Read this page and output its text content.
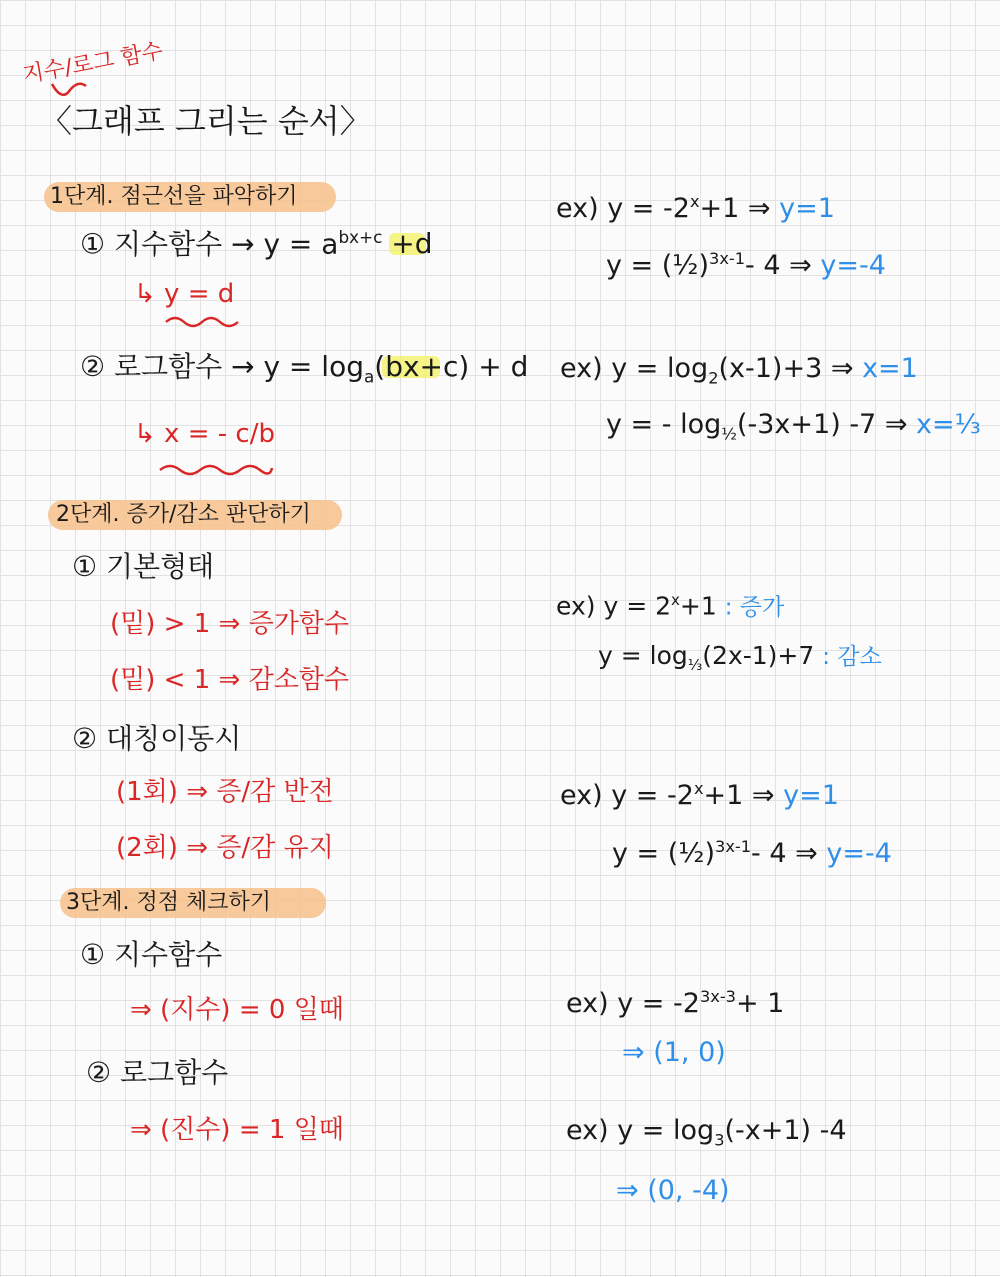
지수/로그 함수
〈그래프 그리는 순서〉
1단계. 점근선을 파악하기
① 지수함수 → $y = a^{bx+c} +d$
↳ y = d
② 로그함수 → $y = \log_a$
(bx+c) + d
↳ x = - c/b
ex) $y = -2^x+1$ ⇒ y=1
y = (½)$^{3x-1}$- 4 ⇒ y=-4
ex) $y = \log_2(x-1)+3$ ⇒ x=1
y = - $\log_{\frac{1}{2}}(-3x+1)$ -7 ⇒ x=⅓
2단계. 증가/감소 판단하기
① 기본형태
(밑) > 1 ⇒ 증가함수
(밑) < 1 ⇒ 감소함수
② 대칭이동시
(1회) ⇒ 증/감 반전
(2회) ⇒ 증/감 유지
ex) $y = 2^x+1$ : 증가
$y = \log_{\frac{1}{3}}(2x-1)+7$ : 감소
ex) $y = -2^x+1$ ⇒ y=1
y = (½)$^{3x-1}$- 4 ⇒ y=-4
3단계. 정점 체크하기
① 지수함수
⇒ (지수) = 0 일때
② 로그함수
⇒ (진수) = 1 일때
ex) $y = -2^{3x-3}+ 1$
⇒ (1, 0)
ex) $y = \log_3(-x+1)$ -4
⇒ (0, -4)
